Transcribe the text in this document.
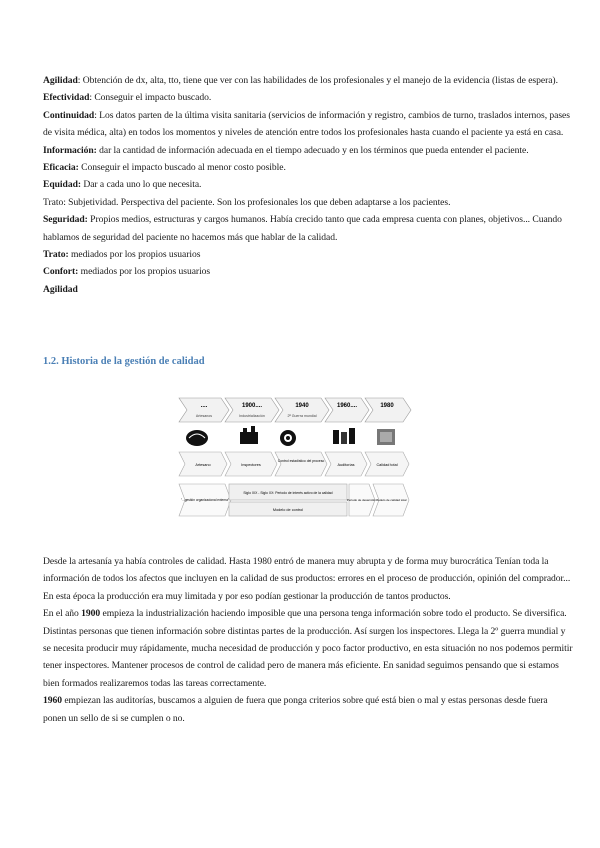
Agilidad: Obtención de dx, alta, tto, tiene que ver con las habilidades de los profesionales y el manejo de la evidencia (listas de espera).

Efectividad: Conseguir el impacto buscado.

Continuidad: Los datos parten de la última visita sanitaria (servicios de información y registro, cambios de turno, traslados internos, pases de visita médica, alta) en todos los momentos y niveles de atención entre todos los profesionales hasta cuando el paciente ya está en casa.

Información: dar la cantidad de información adecuada en el tiempo adecuado y en los términos que pueda entender el paciente.

Eficacia: Conseguir el impacto buscado al menor costo posible.

Equidad: Dar a cada uno lo que necesita.

Trato: Subjetividad. Perspectiva del paciente. Son los profesionales los que deben adaptarse a los pacientes.

Seguridad: Propios medios, estructuras y cargos humanos. Había crecido tanto que cada empresa cuenta con planes, objetivos... Cuando hablamos de seguridad del paciente no hacemos más que hablar de la calidad.

Trato: mediados por los propios usuarios

Confort: mediados por los propios usuarios

Agilidad

1.2. Historia de la gestión de calidad
....	1900....	1940	1960....	1980
Artesanos	Industrialización	2ª Guerra mundial
Artesano	Inspectores
Control estadístico del proceso
Auditorías	Calidad total
"...gestión organizacional externa"
Siglo XIX - Siglo XX: Periodo de interés activo de la calidad
Modelo de control
Periodo de desarrollo Modelo de calidad total

Desde la artesanía ya había controles de calidad. Hasta 1980 entró de manera muy abrupta y de forma muy burocrática Tenían toda la información de todos los afectos que incluyen en la calidad de sus productos: errores en el proceso de producción, opinión del comprador... En esta época la producción era muy limitada y por eso podían gestionar la producción de tantos productos.

En el año 1900 empieza la industrialización haciendo imposible que una persona tenga información sobre todo el producto. Se diversifica. Distintas personas que tienen información sobre distintas partes de la producción. Así surgen los inspectores. Llega la 2º guerra mundial y se necesita producir muy rápidamente, mucha necesidad de producción y poco factor productivo, en esta situación no nos podemos permitir tener inspectores. Mantener procesos de control de calidad pero de manera más eficiente. En sanidad seguimos pensando que si estamos bien formados realizaremos todas las tareas correctamente.

1960 empiezan las auditorías, buscamos a alguien de fuera que ponga criterios sobre qué está bien o mal y estas personas desde fuera ponen un sello de si se cumplen o no.
